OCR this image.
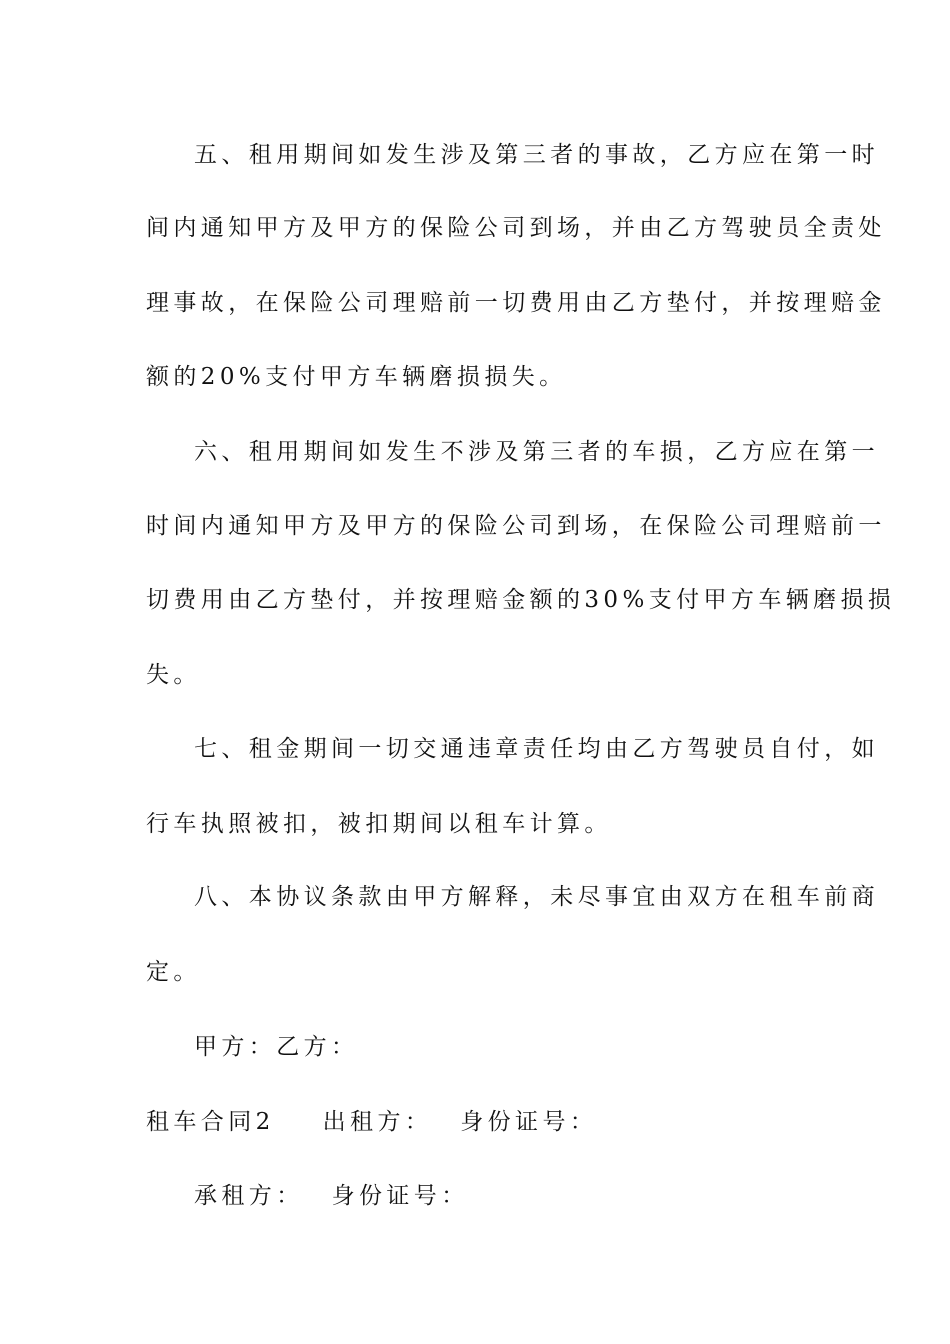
五、租用期间如发生涉及第三者的事故，乙方应在第一时

间内通知甲方及甲方的保险公司到场，并由乙方驾驶员全责处

理事故，在保险公司理赔前一切费用由乙方垫付，并按理赔金

额的20%支付甲方车辆磨损损失。

六、租用期间如发生不涉及第三者的车损，乙方应在第一

时间内通知甲方及甲方的保险公司到场，在保险公司理赔前一

切费用由乙方垫付，并按理赔金额的30%支付甲方车辆磨损损

失。

七、租金期间一切交通违章责任均由乙方驾驶员自付，如

行车执照被扣，被扣期间以租车计算。

八、本协议条款由甲方解释，未尽事宜由双方在租车前商

定。

甲方：乙方：

租车合同2 出租方： 身份证号：

承租方： 身份证号：
